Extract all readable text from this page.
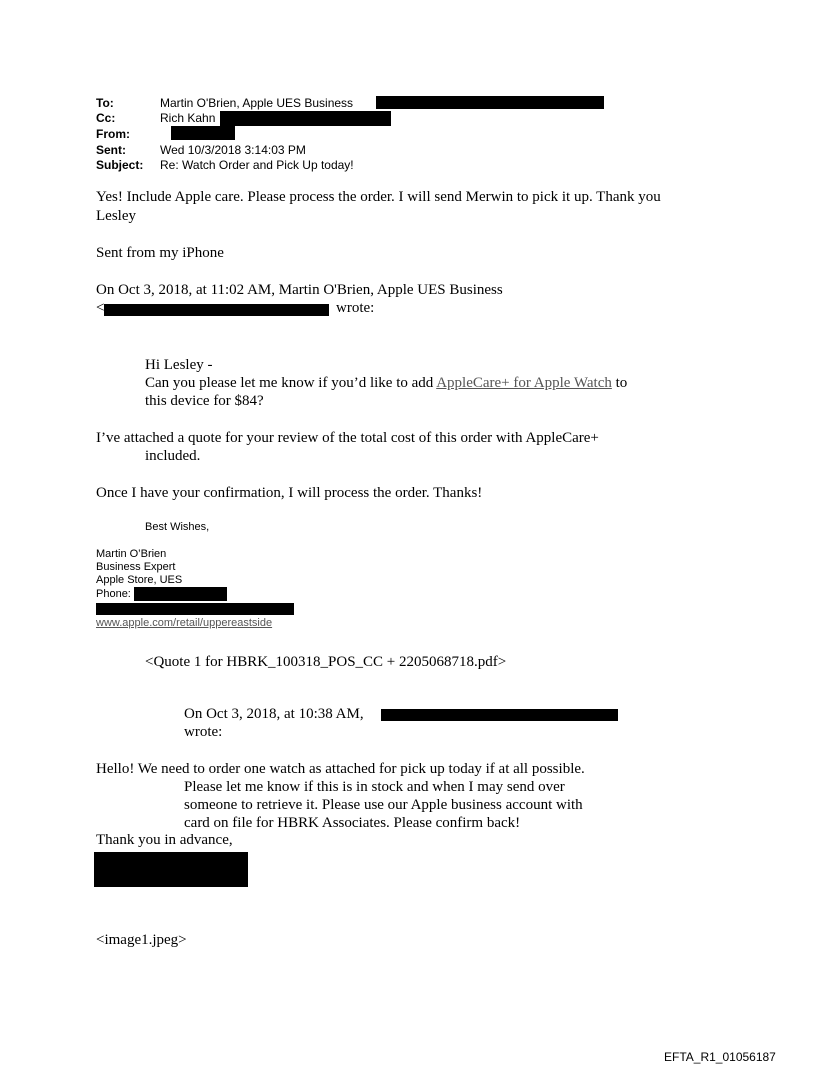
To:	Martin O'Brien, Apple UES Business
Cc:	Rich Kahn
From:
Sent:	Wed 10/3/2018 3:14:03 PM
Subject: Re: Watch Order and Pick Up today!
Yes! Include Apple care. Please process the order. I will send Merwin to pick it up. Thank you
Lesley
Sent from my iPhone
On Oct 3, 2018, at 11:02 AM, Martin O'Brien, Apple UES Business
<	wrote:
Hi Lesley -
Can you please let me know if you’d like to add AppleCare+ for Apple Watch to
this device for $84?
I’ve attached a quote for your review of the total cost of this order with AppleCare+
included.
Once I have your confirmation, I will process the order. Thanks!
Best Wishes,
Martin O’Brien
Business Expert
Apple Store, UES
Phone:
www.apple.com/retail/uppereastside
<Quote 1 for HBRK_100318_POS_CC + 2205068718.pdf>
On Oct 3, 2018, at 10:38 AM,
wrote:
Hello! We need to order one watch as attached for pick up today if at all possible.
Please let me know if this is in stock and when I may send over
someone to retrieve it. Please use our Apple business account with
card on file for HBRK Associates. Please confirm back!
Thank you in advance,
<image1.jpeg>
EFTA_R1_01056187
